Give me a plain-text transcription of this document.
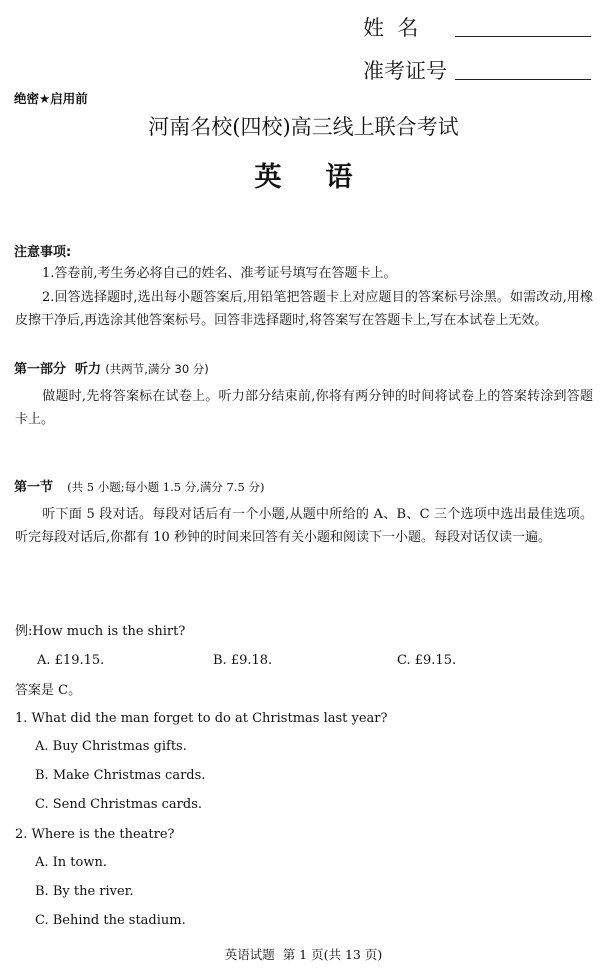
姓  名
准考证号
绝密★启用前
河南名校(四校)高三线上联合考试
英语
注意事项:
1.答卷前,考生务必将自己的姓名、准考证号填写在答题卡上。
2.回答选择题时,选出每小题答案后,用铅笔把答题卡上对应题目的答案标号涂黑。如需改动,用橡皮擦干净后,再选涂其他答案标号。回答非选择题时,将答案写在答题卡上,写在本试卷上无效。
第一部分  听力 (共两节,满分 30 分)
做题时,先将答案标在试卷上。听力部分结束前,你将有两分钟的时间将试卷上的答案转涂到答题卡上。
第一节 (共 5 小题;每小题 1.5 分,满分 7.5 分)
听下面 5 段对话。每段对话后有一个小题,从题中所给的 A、B、C 三个选项中选出最佳选项。听完每段对话后,你都有 10 秒钟的时间来回答有关小题和阅读下一小题。每段对话仅读一遍。
例:How much is the shirt?
A. £19.15.	B. £9.18.	C. £9.15.
答案是 C。
1. What did the man forget to do at Christmas last year?
A. Buy Christmas gifts.
B. Make Christmas cards.
C. Send Christmas cards.
2. Where is the theatre?
A. In town.
B. By the river.
C. Behind the stadium.
英语试题  第 1 页(共 13 页)
